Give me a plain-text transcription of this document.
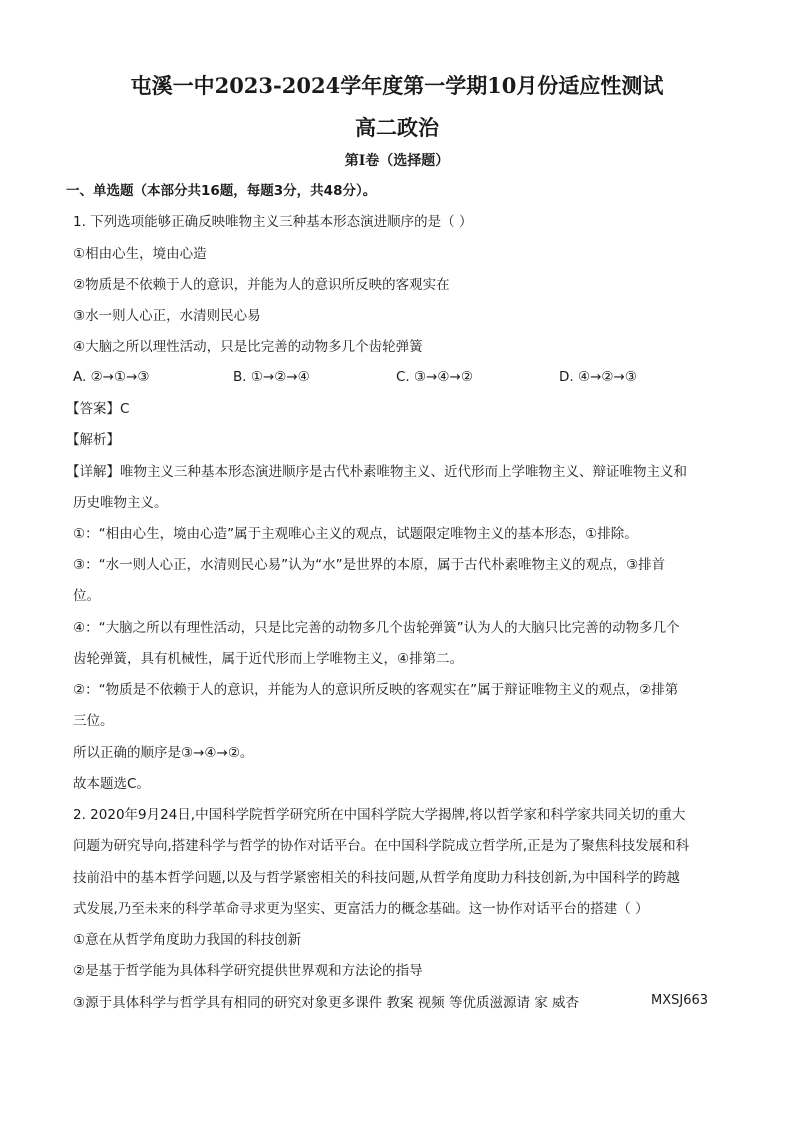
屯溪一中2023-2024学年度第一学期10月份适应性测试
高二政治
第Ⅰ卷（选择题）
一、单选题（本部分共16题，每题3分，共48分）。
1. 下列选项能够正确反映唯物主义三种基本形态演进顺序的是（ ）
①相由心生，境由心造
②物质是不依赖于人的意识，并能为人的意识所反映的客观实在
③水一则人心正，水清则民心易
④大脑之所以理性活动，只是比完善的动物多几个齿轮弹簧
A. ②→①→③	B. ①→②→④	C. ③→④→②	D. ④→②→③
【答案】C
【解析】
【详解】唯物主义三种基本形态演进顺序是古代朴素唯物主义、近代形而上学唯物主义、辩证唯物主义和
历史唯物主义。
①：“相由心生，境由心造”属于主观唯心主义的观点，试题限定唯物主义的基本形态，①排除。
③：“水一则人心正，水清则民心易”认为“水”是世界的本原，属于古代朴素唯物主义的观点，③排首
位。
④：“大脑之所以有理性活动，只是比完善的动物多几个齿轮弹簧”认为人的大脑只比完善的动物多几个
齿轮弹簧，具有机械性，属于近代形而上学唯物主义，④排第二。
②：“物质是不依赖于人的意识，并能为人的意识所反映的客观实在”属于辩证唯物主义的观点，②排第
三位。
所以正确的顺序是③→④→②。
故本题选C。
2. 2020年9月24日,中国科学院哲学研究所在中国科学院大学揭牌,将以哲学家和科学家共同关切的重大
问题为研究导向,搭建科学与哲学的协作对话平台。在中国科学院成立哲学所,正是为了聚焦科技发展和科
技前沿中的基本哲学问题,以及与哲学紧密相关的科技问题,从哲学角度助力科技创新,为中国科学的跨越
式发展,乃至未来的科学革命寻求更为坚实、更富活力的概念基础。这一协作对话平台的搭建（ ）
①意在从哲学角度助力我国的科技创新
②是基于哲学能为具体科学研究提供世界观和方法论的指导
③源于具体科学与哲学具有相同的研究对象更多课件 教案 视频 等优质滋源请 家 威杏	MXSJ663
